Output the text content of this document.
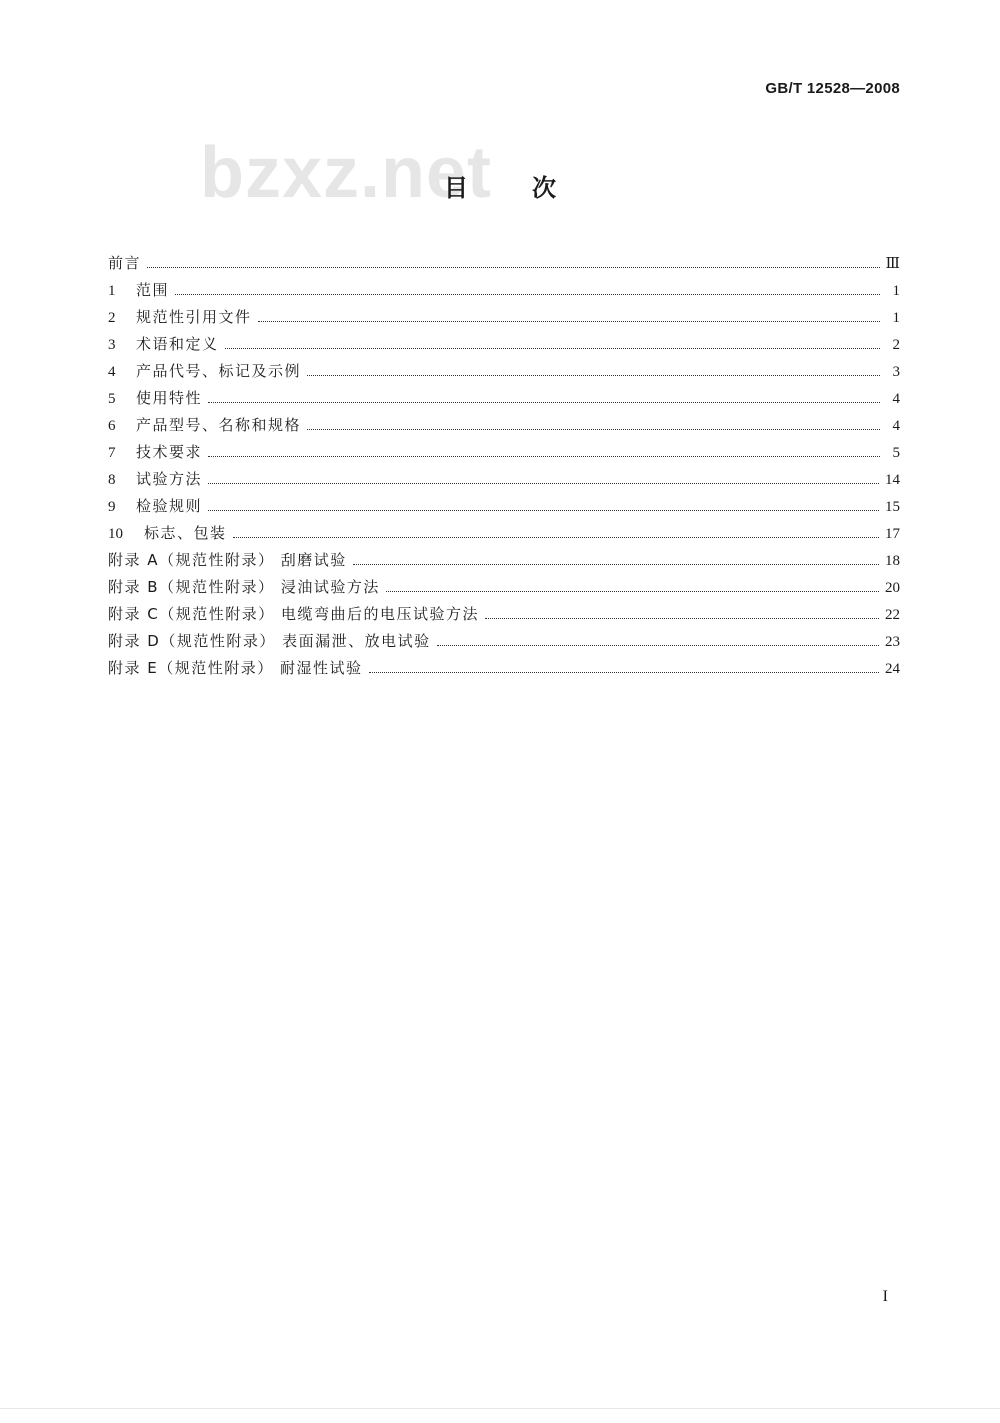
GB/T 12528—2008
bzxz.net
目次
前言	Ⅲ
1	范围	1
2	规范性引用文件	1
3	术语和定义	2
4	产品代号、标记及示例	3
5	使用特性	4
6	产品型号、名称和规格	4
7	技术要求	5
8	试验方法	14
9	检验规则	15
10	标志、包装	17
附录 A（规范性附录） 刮磨试验	18
附录 B（规范性附录） 浸油试验方法	20
附录 C（规范性附录） 电缆弯曲后的电压试验方法	22
附录 D（规范性附录） 表面漏泄、放电试验	23
附录 E（规范性附录） 耐湿性试验	24
I
